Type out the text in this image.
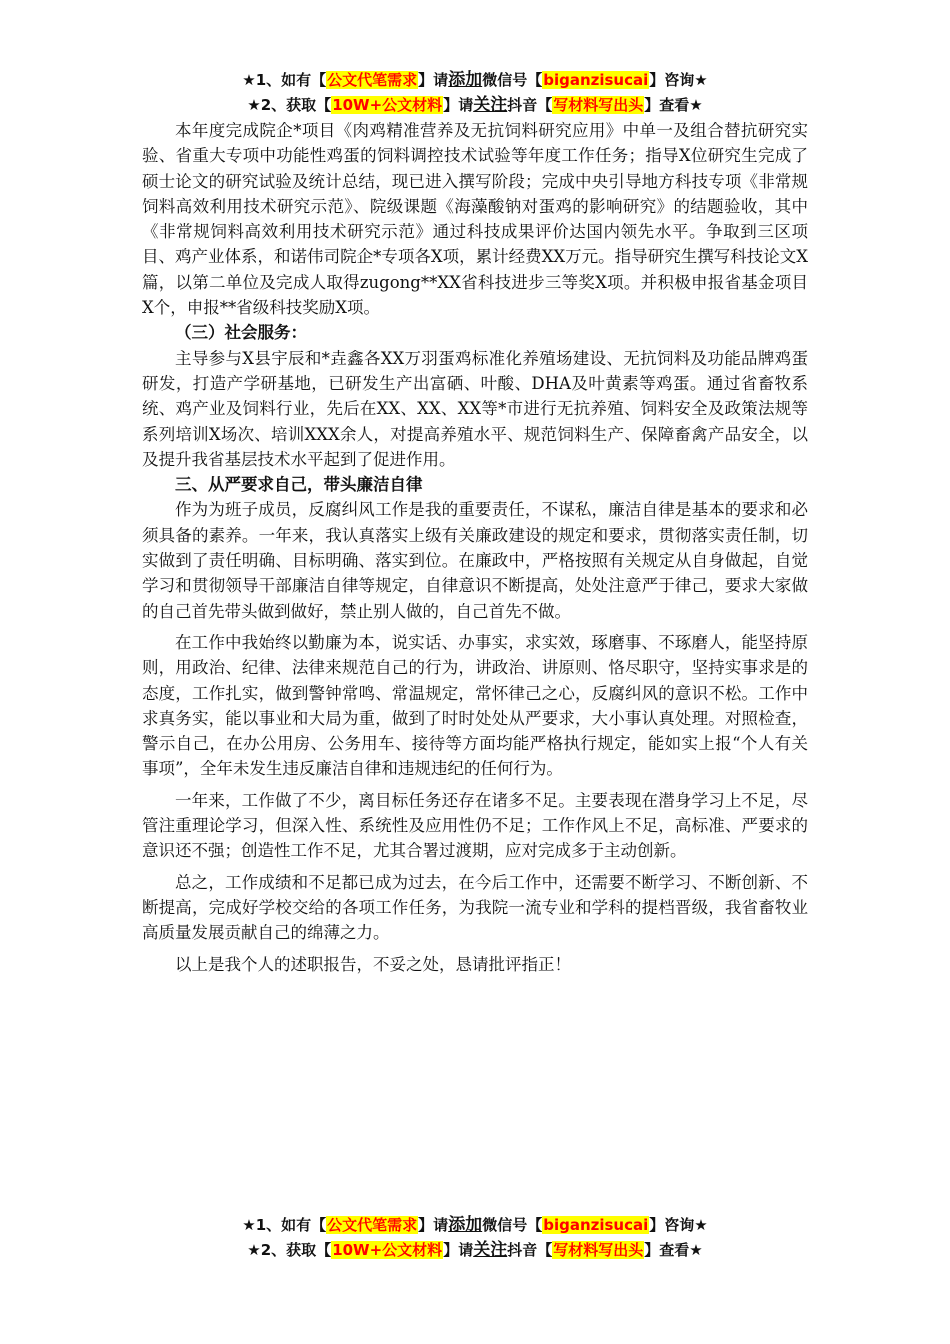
★1、如有【公文代笔需求】请添加微信号【biganzisucai】咨询★
★2、获取【10W+公文材料】请关注抖音【写材料写出头】查看★

本年度完成院企*项目《肉鸡精准营养及无抗饲料研究应用》中单一及组合替抗研究实验、省重大专项中功能性鸡蛋的饲料调控技术试验等年度工作任务；指导X位研究生完成了硕士论文的研究试验及统计总结，现已进入撰写阶段；完成中央引导地方科技专项《非常规饲料高效利用技术研究示范》、院级课题《海藻酸钠对蛋鸡的影响研究》的结题验收，其中《非常规饲料高效利用技术研究示范》通过科技成果评价达国内领先水平。争取到三区项目、鸡产业体系，和诺伟司院企*专项各X项，累计经费XX万元。指导研究生撰写科技论文X篇，以第二单位及完成人取得zugong**XX省科技进步三等奖X项。并积极申报省基金项目X个，申报**省级科技奖励X项。

（三）社会服务：

主导参与X县宇辰和*垚鑫各XX万羽蛋鸡标准化养殖场建设、无抗饲料及功能品牌鸡蛋研发，打造产学研基地，已研发生产出富硒、叶酸、DHA及叶黄素等鸡蛋。通过省畜牧系统、鸡产业及饲料行业，先后在XX、XX、XX等*市进行无抗养殖、饲料安全及政策法规等系列培训X场次、培训XXX余人，对提高养殖水平、规范饲料生产、保障畜禽产品安全，以及提升我省基层技术水平起到了促进作用。

三、从严要求自己，带头廉洁自律

作为为班子成员，反腐纠风工作是我的重要责任，不谋私，廉洁自律是基本的要求和必须具备的素养。一年来，我认真落实上级有关廉政建设的规定和要求，贯彻落实责任制，切实做到了责任明确、目标明确、落实到位。在廉政中，严格按照有关规定从自身做起，自觉学习和贯彻领导干部廉洁自律等规定，自律意识不断提高，处处注意严于律己，要求大家做的自己首先带头做到做好，禁止别人做的，自己首先不做。

在工作中我始终以勤廉为本，说实话、办事实，求实效，琢磨事、不琢磨人，能坚持原则，用政治、纪律、法律来规范自己的行为，讲政治、讲原则、恪尽职守，坚持实事求是的态度，工作扎实，做到警钟常鸣、常温规定，常怀律己之心，反腐纠风的意识不松。工作中求真务实，能以事业和大局为重，做到了时时处处从严要求，大小事认真处理。对照检查，警示自己，在办公用房、公务用车、接待等方面均能严格执行规定，能如实上报“个人有关事项”，全年未发生违反廉洁自律和违规违纪的任何行为。

一年来，工作做了不少，离目标任务还存在诸多不足。主要表现在潜身学习上不足，尽管注重理论学习，但深入性、系统性及应用性仍不足；工作作风上不足，高标准、严要求的意识还不强；创造性工作不足，尤其合署过渡期，应对完成多于主动创新。

总之，工作成绩和不足都已成为过去，在今后工作中，还需要不断学习、不断创新、不断提高，完成好学校交给的各项工作任务，为我院一流专业和学科的提档晋级，我省畜牧业高质量发展贡献自己的绵薄之力。

以上是我个人的述职报告，不妥之处，恳请批评指正！

★1、如有【公文代笔需求】请添加微信号【biganzisucai】咨询★
★2、获取【10W+公文材料】请关注抖音【写材料写出头】查看★
